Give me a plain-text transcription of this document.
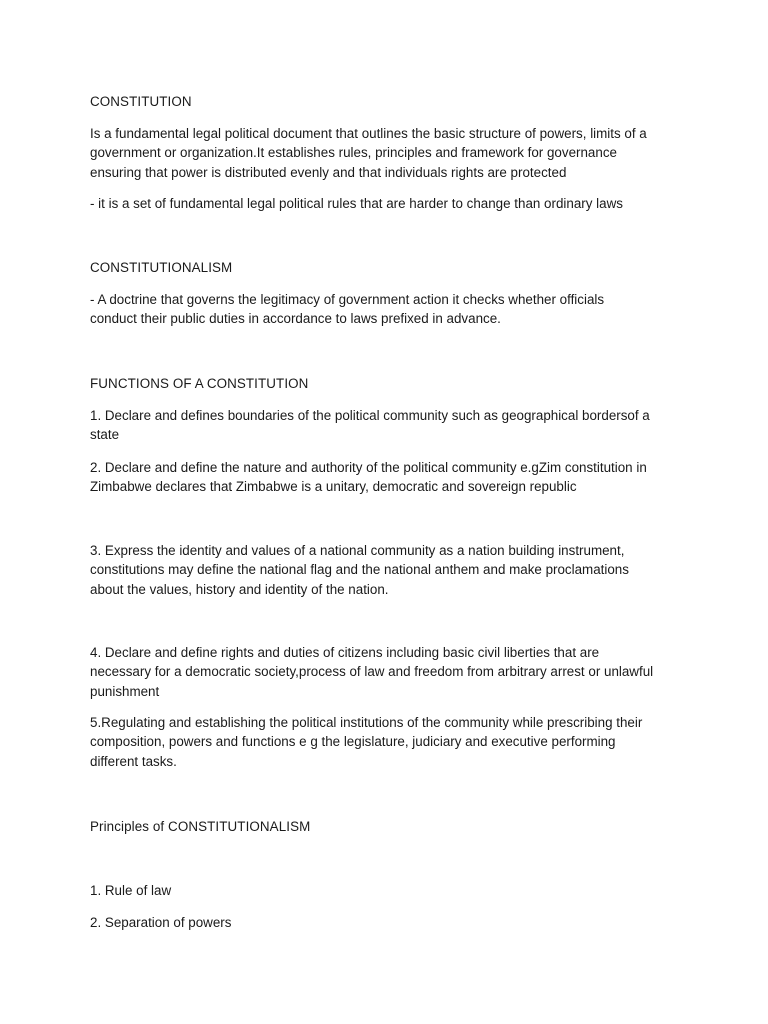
CONSTITUTION

Is a fundamental legal political document that outlines the basic structure of powers, limits of a
government or organization.It establishes rules, principles and framework for governance
ensuring that power is distributed evenly and that individuals rights are protected

- it is a set of fundamental legal political rules that are harder to change than ordinary laws

CONSTITUTIONALISM

- A doctrine that governs the legitimacy of government action it checks whether officials
conduct their public duties in accordance to laws prefixed in advance.

FUNCTIONS OF A CONSTITUTION

1. Declare and defines boundaries of the political community such as geographical bordersof a
state
2. Declare and define the nature and authority of the political community e.gZim constitution in
Zimbabwe declares that Zimbabwe is a unitary, democratic and sovereign republic
3. Express the identity and values of a national community as a nation building instrument,
constitutions may define the national flag and the national anthem and make proclamations
about the values, history and identity of the nation.
4. Declare and define rights and duties of citizens including basic civil liberties that are
necessary for a democratic society,process of law and freedom from arbitrary arrest or unlawful
punishment
5.Regulating and establishing the political institutions of the community while prescribing their
composition, powers and functions e g the legislature, judiciary and executive performing
different tasks.

Principles of CONSTITUTIONALISM

1. Rule of law

2. Separation of powers
